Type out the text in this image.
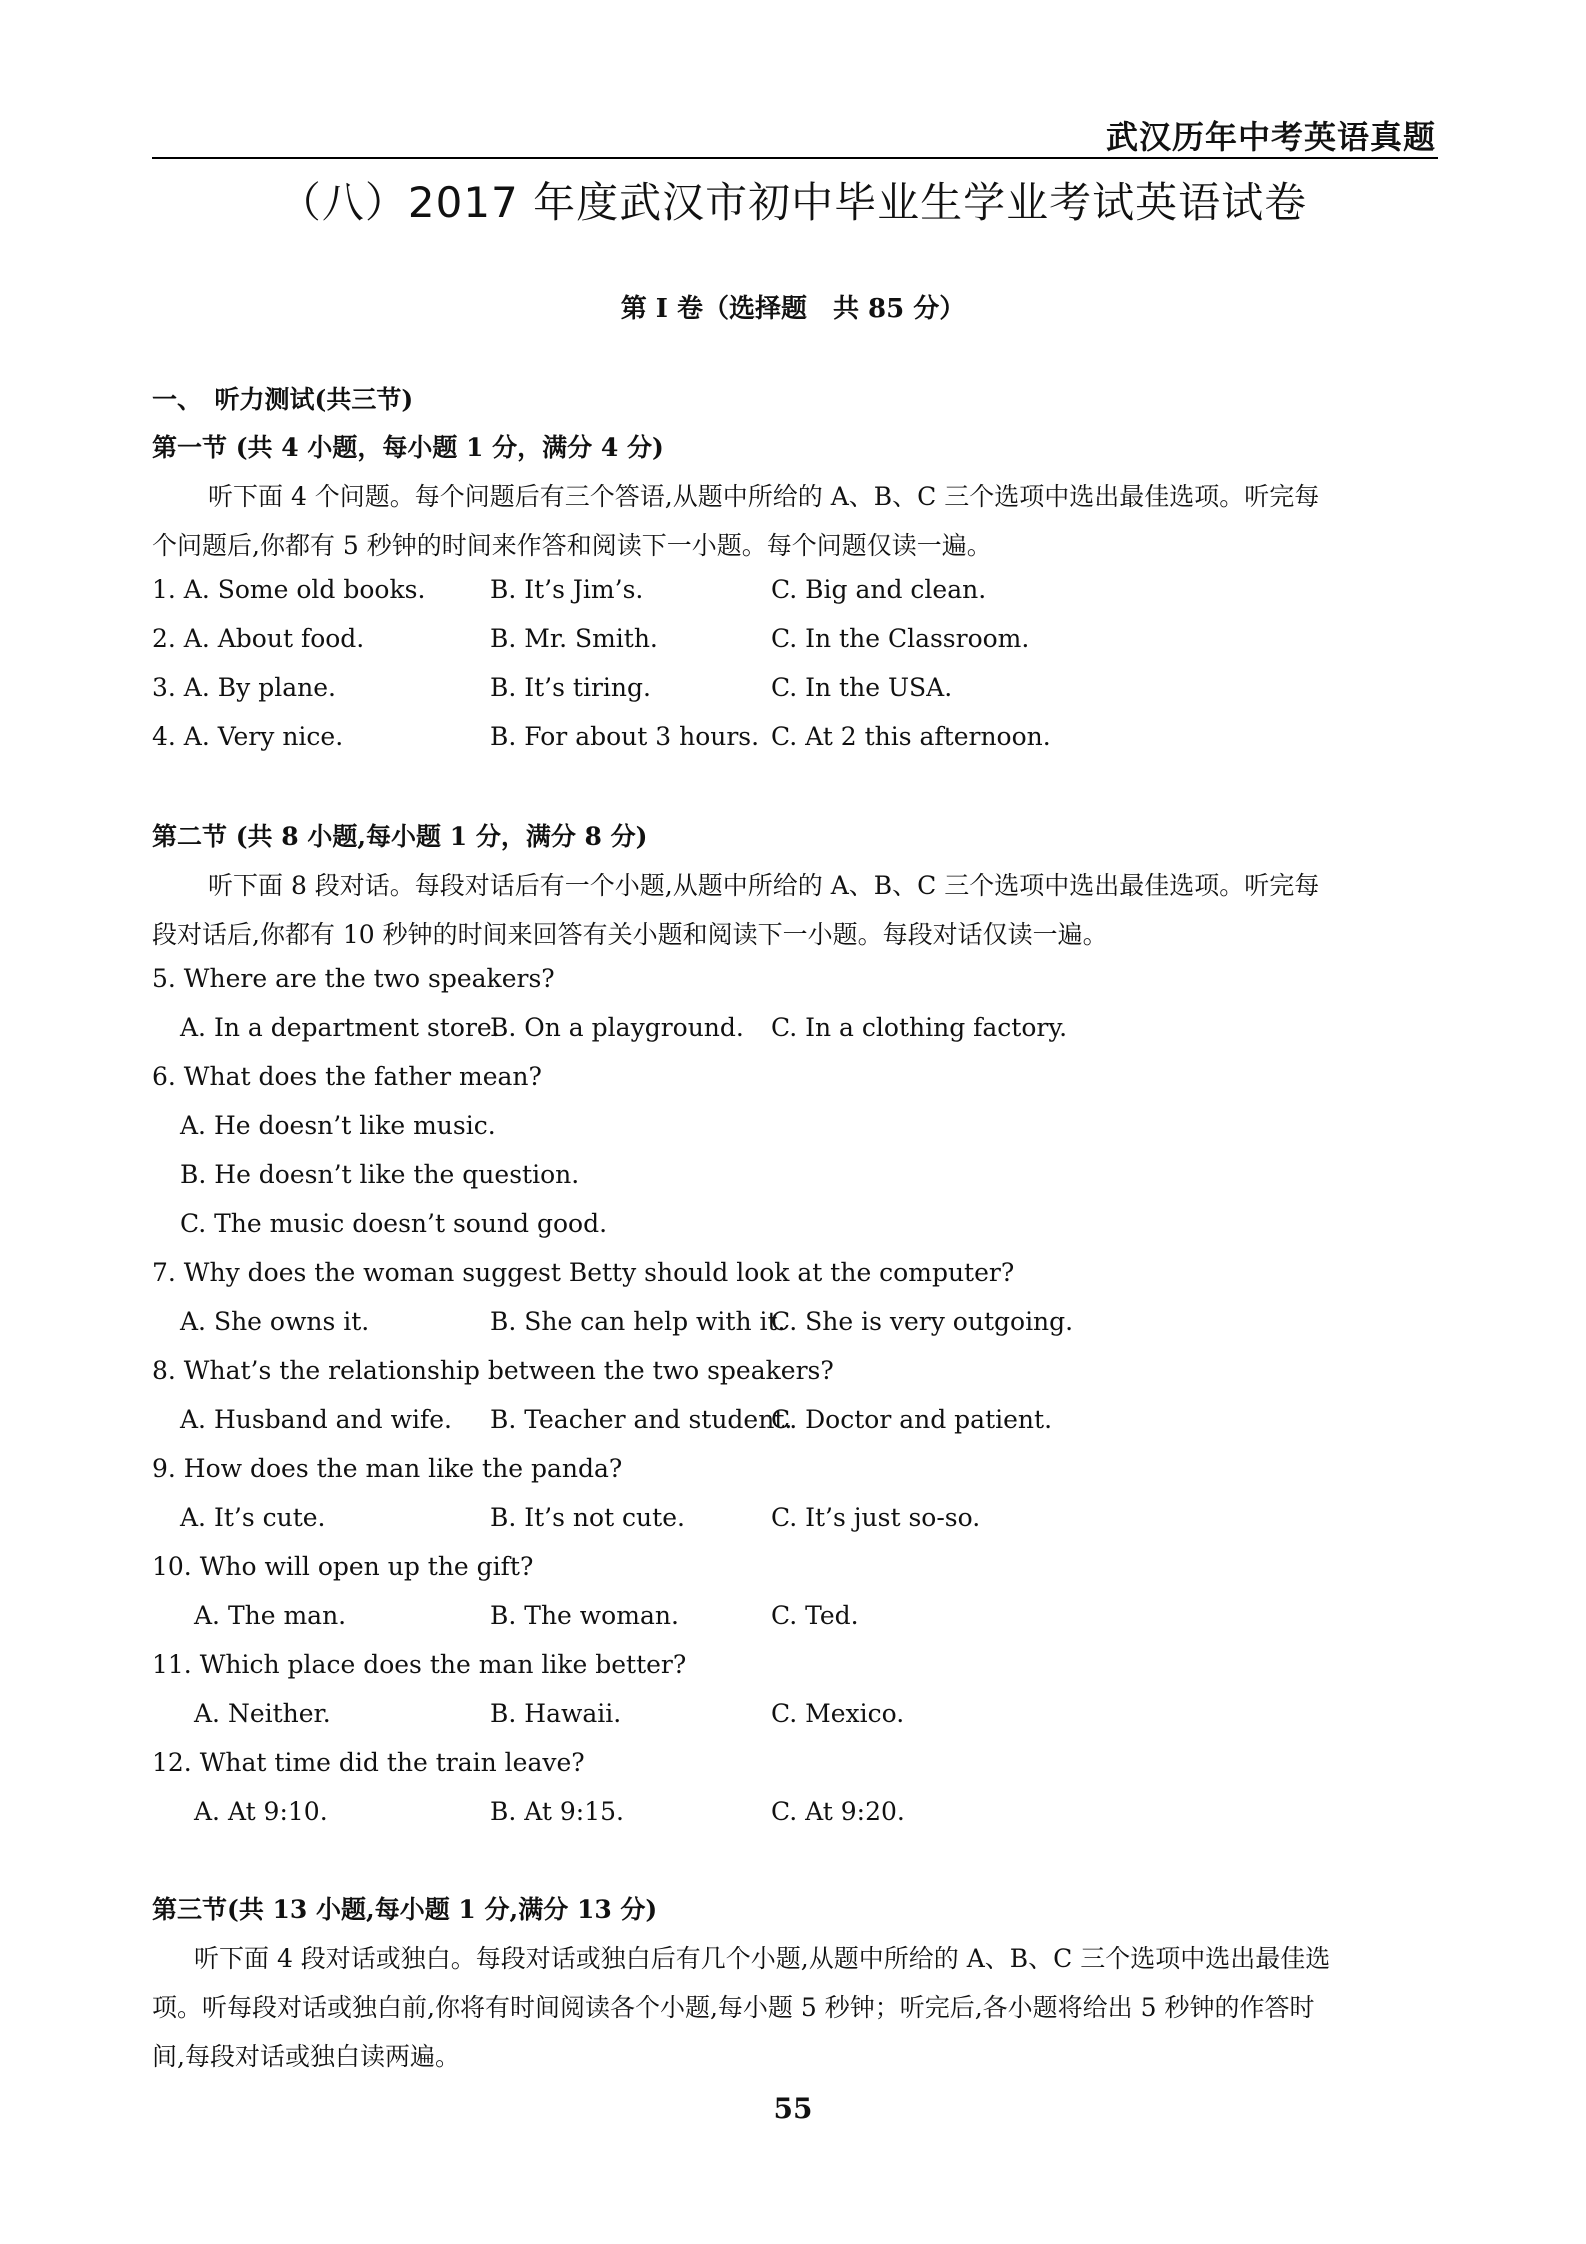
武汉历年中考英语真题
（八）2017 年度武汉市初中毕业生学业考试英语试卷
第 I 卷（选择题　共 85 分）
一、　听力测试(共三节)
第一节 (共 4 小题，每小题 1 分，满分 4 分)
听下面 4 个问题。每个问题后有三个答语,从题中所给的 A、B、C 三个选项中选出最佳选项。听完每
个问题后,你都有 5 秒钟的时间来作答和阅读下一小题。每个问题仅读一遍。
1. A. Some old books.	B. It’s Jim’s.	C. Big and clean.
2. A. About food.	B. Mr. Smith.	C. In the Classroom.
3. A. By plane.	B. It’s tiring.	C. In the USA.
4. A. Very nice.	B. For about 3 hours. C. At 2 this afternoon.
第二节 (共 8 小题,每小题 1 分，满分 8 分)
听下面 8 段对话。每段对话后有一个小题,从题中所给的 A、B、C 三个选项中选出最佳选项。听完每
段对话后,你都有 10 秒钟的时间来回答有关小题和阅读下一小题。每段对话仅读一遍。
5. Where are the two speakers?
A. In a department store.
B. On a playground. C. In a clothing factory.
6. What does the father mean?
A. He doesn’t like music.
B. He doesn’t like the question.
C. The music doesn’t sound good.
7. Why does the woman suggest Betty should look at the computer?
A. She owns it.	B. She can help with it.
C. She is very outgoing.
8. What’s the relationship between the two speakers?
A. Husband and wife. B. Teacher and student.
C. Doctor and patient.
9. How does the man like the panda?
A. It’s cute.	B. It’s not cute.	C. It’s just so-so.
10. Who will open up the gift?
A. The man.	B. The woman.	C. Ted.
11. Which place does the man like better?
A. Neither.	B. Hawaii.	C. Mexico.
12. What time did the train leave?
A. At 9:10.	B. At 9:15.	C. At 9:20.
第三节(共 13 小题,每小题 1 分,满分 13 分)
听下面 4 段对话或独白。每段对话或独白后有几个小题,从题中所给的 A、B、C 三个选项中选出最佳选
项。听每段对话或独白前,你将有时间阅读各个小题,每小题 5 秒钟；听完后,各小题将给出 5 秒钟的作答时
间,每段对话或独白读两遍。
55
